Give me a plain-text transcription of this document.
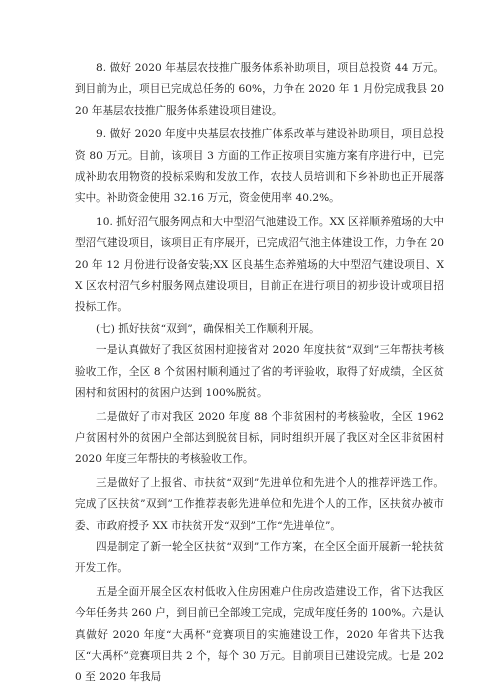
8. 做好 2020 年基层农技推广服务体系补助项目，项目总投资 44 万元。到目前为止，项目已完成总任务的 60%，力争在 2020 年 1 月份完成我县 2020 年基层农技推广服务体系建设项目建设。

9. 做好 2020 年度中央基层农技推广体系改革与建设补助项目，项目总投资 80 万元。目前，该项目 3 方面的工作正按项目实施方案有序进行中，已完成补助农用物资的投标采购和发放工作，农技人员培训和下乡补助也正开展落实中。补助资金使用 32.16 万元，资金使用率 40.2%。

10. 抓好沼气服务网点和大中型沼气池建设工作。XX 区祥顺养殖场的大中型沼气建设项目，该项目正有序展开，已完成沼气池主体建设工作，力争在 2020 年 12 月份进行设备安装;XX 区良基生态养殖场的大中型沼气建设项目、XX 区农村沼气乡村服务网点建设项目，目前正在进行项目的初步设计或项目招投标工作。

(七) 抓好扶贫“双到”，确保相关工作顺利开展。

一是认真做好了我区贫困村迎接省对 2020 年度扶贫“双到”三年帮扶考核验收工作，全区 8 个贫困村顺利通过了省的考评验收，取得了好成绩，全区贫困村和贫困村的贫困户达到 100%脱贫。

二是做好了市对我区 2020 年度 88 个非贫困村的考核验收，全区 1962 户贫困村外的贫困户全部达到脱贫目标，同时组织开展了我区对全区非贫困村 2020 年度三年帮扶的考核验收工作。

三是做好了上报省、市扶贫“双到”先进单位和先进个人的推荐评选工作。完成了区扶贫”双到”工作推荐表彰先进单位和先进个人的工作，区扶贫办被市委、市政府授予 XX 市扶贫开发“双到”工作“先进单位”。

四是制定了新一轮全区扶贫“双到”工作方案，在全区全面开展新一轮扶贫开发工作。

五是全面开展全区农村低收入住房困难户住房改造建设工作，省下达我区今年任务共 260 户，到目前已全部竣工完成，完成年度任务的 100%。六是认真做好 2020 年度“大禹杯”竞赛项目的实施建设工作，2020 年省共下达我区“大禹杯”竞赛项目共 2 个，每个 30 万元。目前项目已建设完成。七是 2020 至 2020 年我局
